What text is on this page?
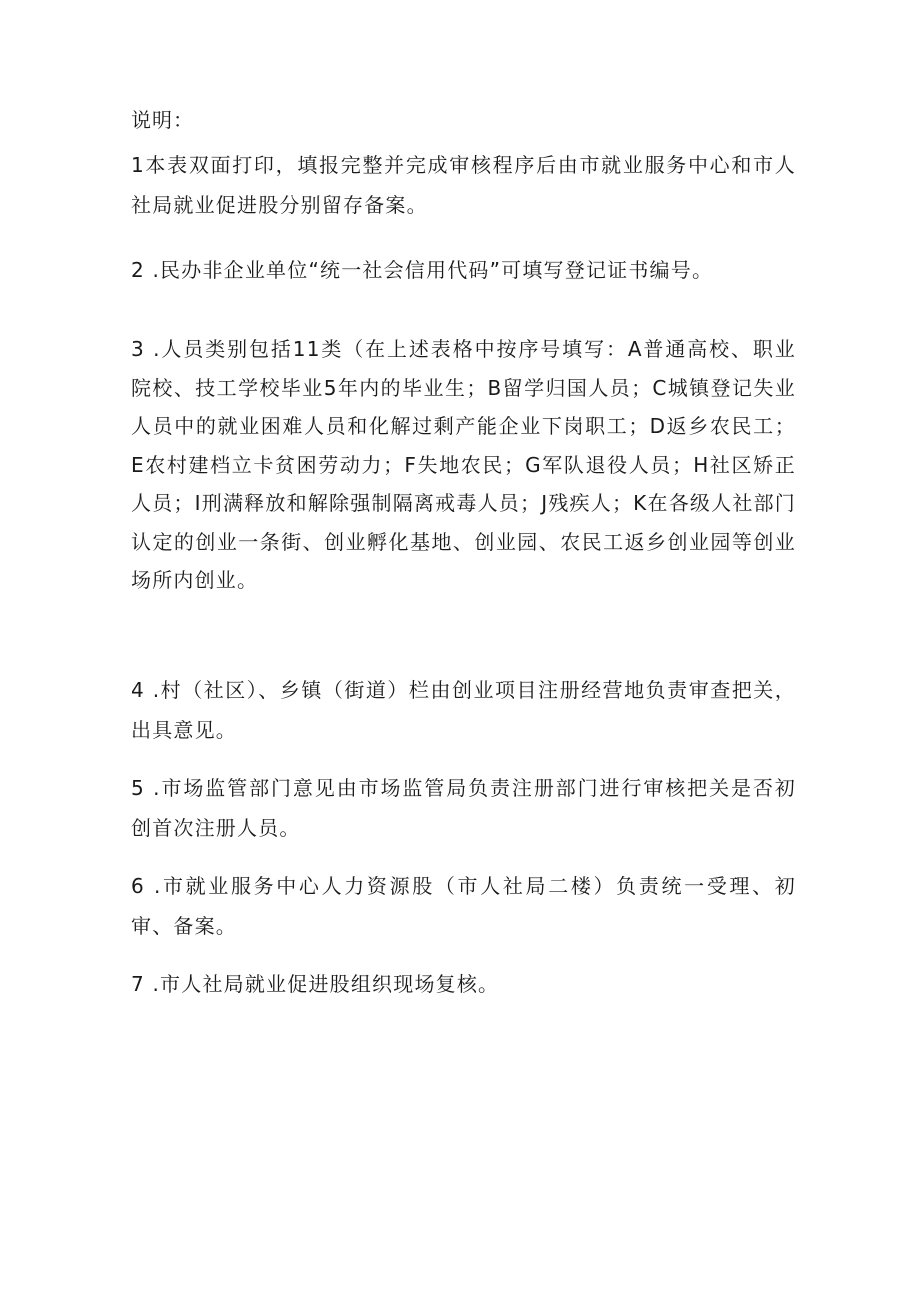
说明：
1本表双面打印，填报完整并完成审核程序后由市就业服务中心和市人社局就业促进股分别留存备案。
2 .民办非企业单位“统一社会信用代码”可填写登记证书编号。
3 .人员类别包括11类（在上述表格中按序号填写：A普通高校、职业院校、技工学校毕业5年内的毕业生；B留学归国人员；C城镇登记失业人员中的就业困难人员和化解过剩产能企业下岗职工；D返乡农民工；E农村建档立卡贫困劳动力；F失地农民；G军队退役人员；H社区矫正人员；I刑满释放和解除强制隔离戒毒人员；J残疾人；K在各级人社部门认定的创业一条街、创业孵化基地、创业园、农民工返乡创业园等创业场所内创业。
4 .村（社区）、乡镇（街道）栏由创业项目注册经营地负责审查把关，出具意见。
5 .市场监管部门意见由市场监管局负责注册部门进行审核把关是否初创首次注册人员。
6 .市就业服务中心人力资源股（市人社局二楼）负责统一受理、初审、备案。
7 .市人社局就业促进股组织现场复核。
